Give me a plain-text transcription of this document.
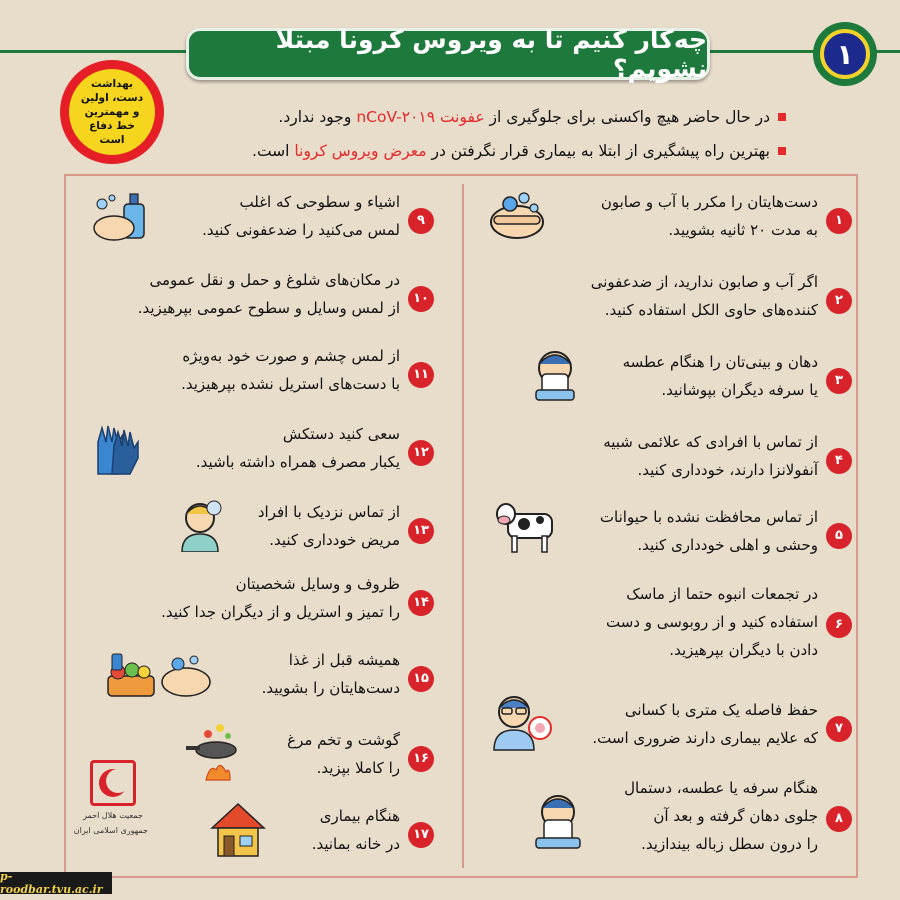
چه‌کار کنیم تا به ویروس کرونا مبتلا نشویم؟	۱
بهداشت دست، اولین و مهمترین خط دفاع است

در حال حاضر هیچ واکسنی برای جلوگیری از عفونت nCoV-۲۰۱۹ وجود ندارد.

بهترین راه پیشگیری از ابتلا به بیماری قرار نگرفتن در معرض ویروس کرونا است.

۱

دست‌هایتان را مکرر با آب و صابون

به مدت ۲۰ ثانیه بشویید.

۲

اگر آب و صابون ندارید، از ضدعفونی

کننده‌های حاوی الکل استفاده کنید.

۳

دهان و بینی‌تان را هنگام عطسه

یا سرفه دیگران بپوشانید.

۴

از تماس با افرادی که علائمی شبیه

آنفولانزا دارند، خودداری کنید.

۵

از تماس محافظت نشده با حیوانات

وحشی و اهلی خودداری کنید.

۶

در تجمعات انبوه حتما از ماسک

استفاده کنید و از روبوسی و دست

دادن با دیگران بپرهیزید.

۷

حفظ فاصله یک متری با کسانی

که علایم بیماری دارند ضروری است.

۸

هنگام سرفه یا عطسه، دستمال

جلوی دهان گرفته و بعد آن

را درون سطل زباله بیندازید.

۹

اشیاء و سطوحی که اغلب

لمس می‌کنید را ضدعفونی کنید.

۱۰

در مکان‌های شلوغ و حمل و نقل عمومی

از لمس وسایل و سطوح عمومی بپرهیزید.

۱۱

از لمس چشم و صورت خود به‌ویژه

با دست‌های استریل نشده بپرهیزید.

۱۲

سعی کنید دستکش

یکبار مصرف همراه داشته باشید.

۱۳

از تماس نزدیک با افراد

مریض خودداری کنید.

۱۴

ظروف و وسایل شخصیتان

را تمیز و استریل و از دیگران جدا کنید.

۱۵

همیشه قبل از غذا

دست‌هایتان را بشویید.

۱۶

گوشت و تخم مرغ

را کاملا بپزید.

۱۷

هنگام بیماری

در خانه بمانید.

جمعیت هلال احمر
جمهوری اسلامی ایران
p-roodbar.tvu.ac.ir
